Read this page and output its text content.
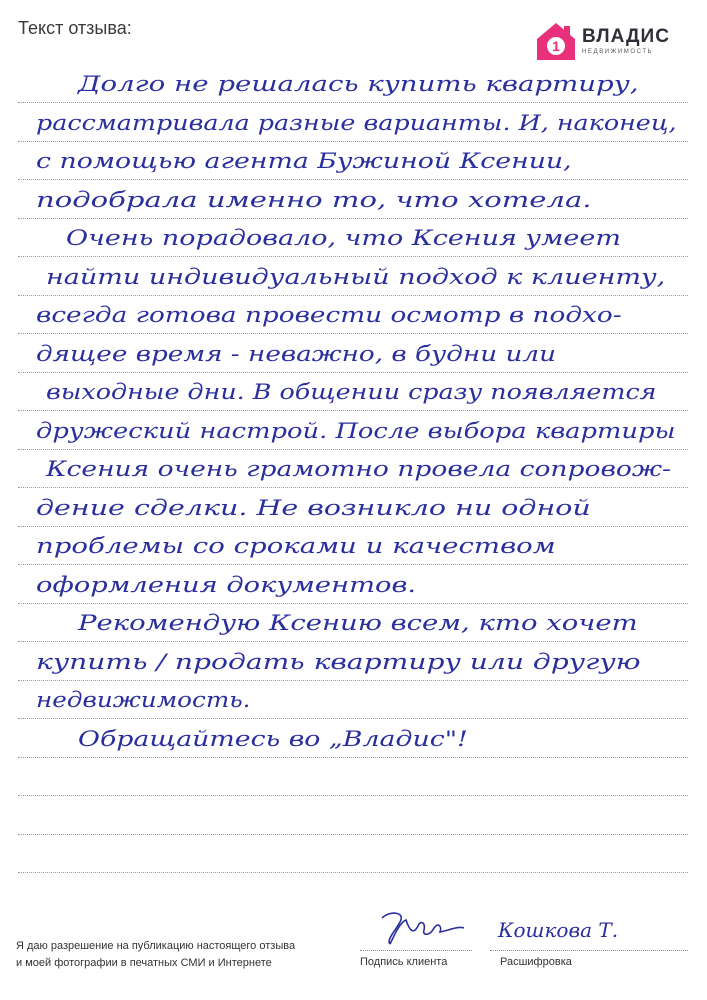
Текст отзыва:
1 ВЛАДИС
НЕДВИЖИМОСТЬ
Долго не решалась купить квартиру,
рассматривала разные варианты. И, наконец,
с помощью агента Бужиной Ксении,
подобрала именно то, что хотела.
Очень порадовало, что Ксения умеет
найти индивидуальный подход к клиенту,
всегда готова провести осмотр в подхо-
дящее время - неважно, в будни или
выходные дни. В общении сразу появляется
дружеский настрой. После выбора квартиры
Ксения очень грамотно провела сопровож-
дение сделки. Не возникло ни одной
проблемы со сроками и качеством
оформления документов.
Рекомендую Ксению всем, кто хочет
купить / продать квартиру или другую
недвижимость.
Обращайтесь во „Владис"!
Я даю разрешение на публикацию настоящего отзыва
и моей фотографии в печатных СМИ и Интернете	Подпись клиента
Кошкова Т.
Расшифровка
